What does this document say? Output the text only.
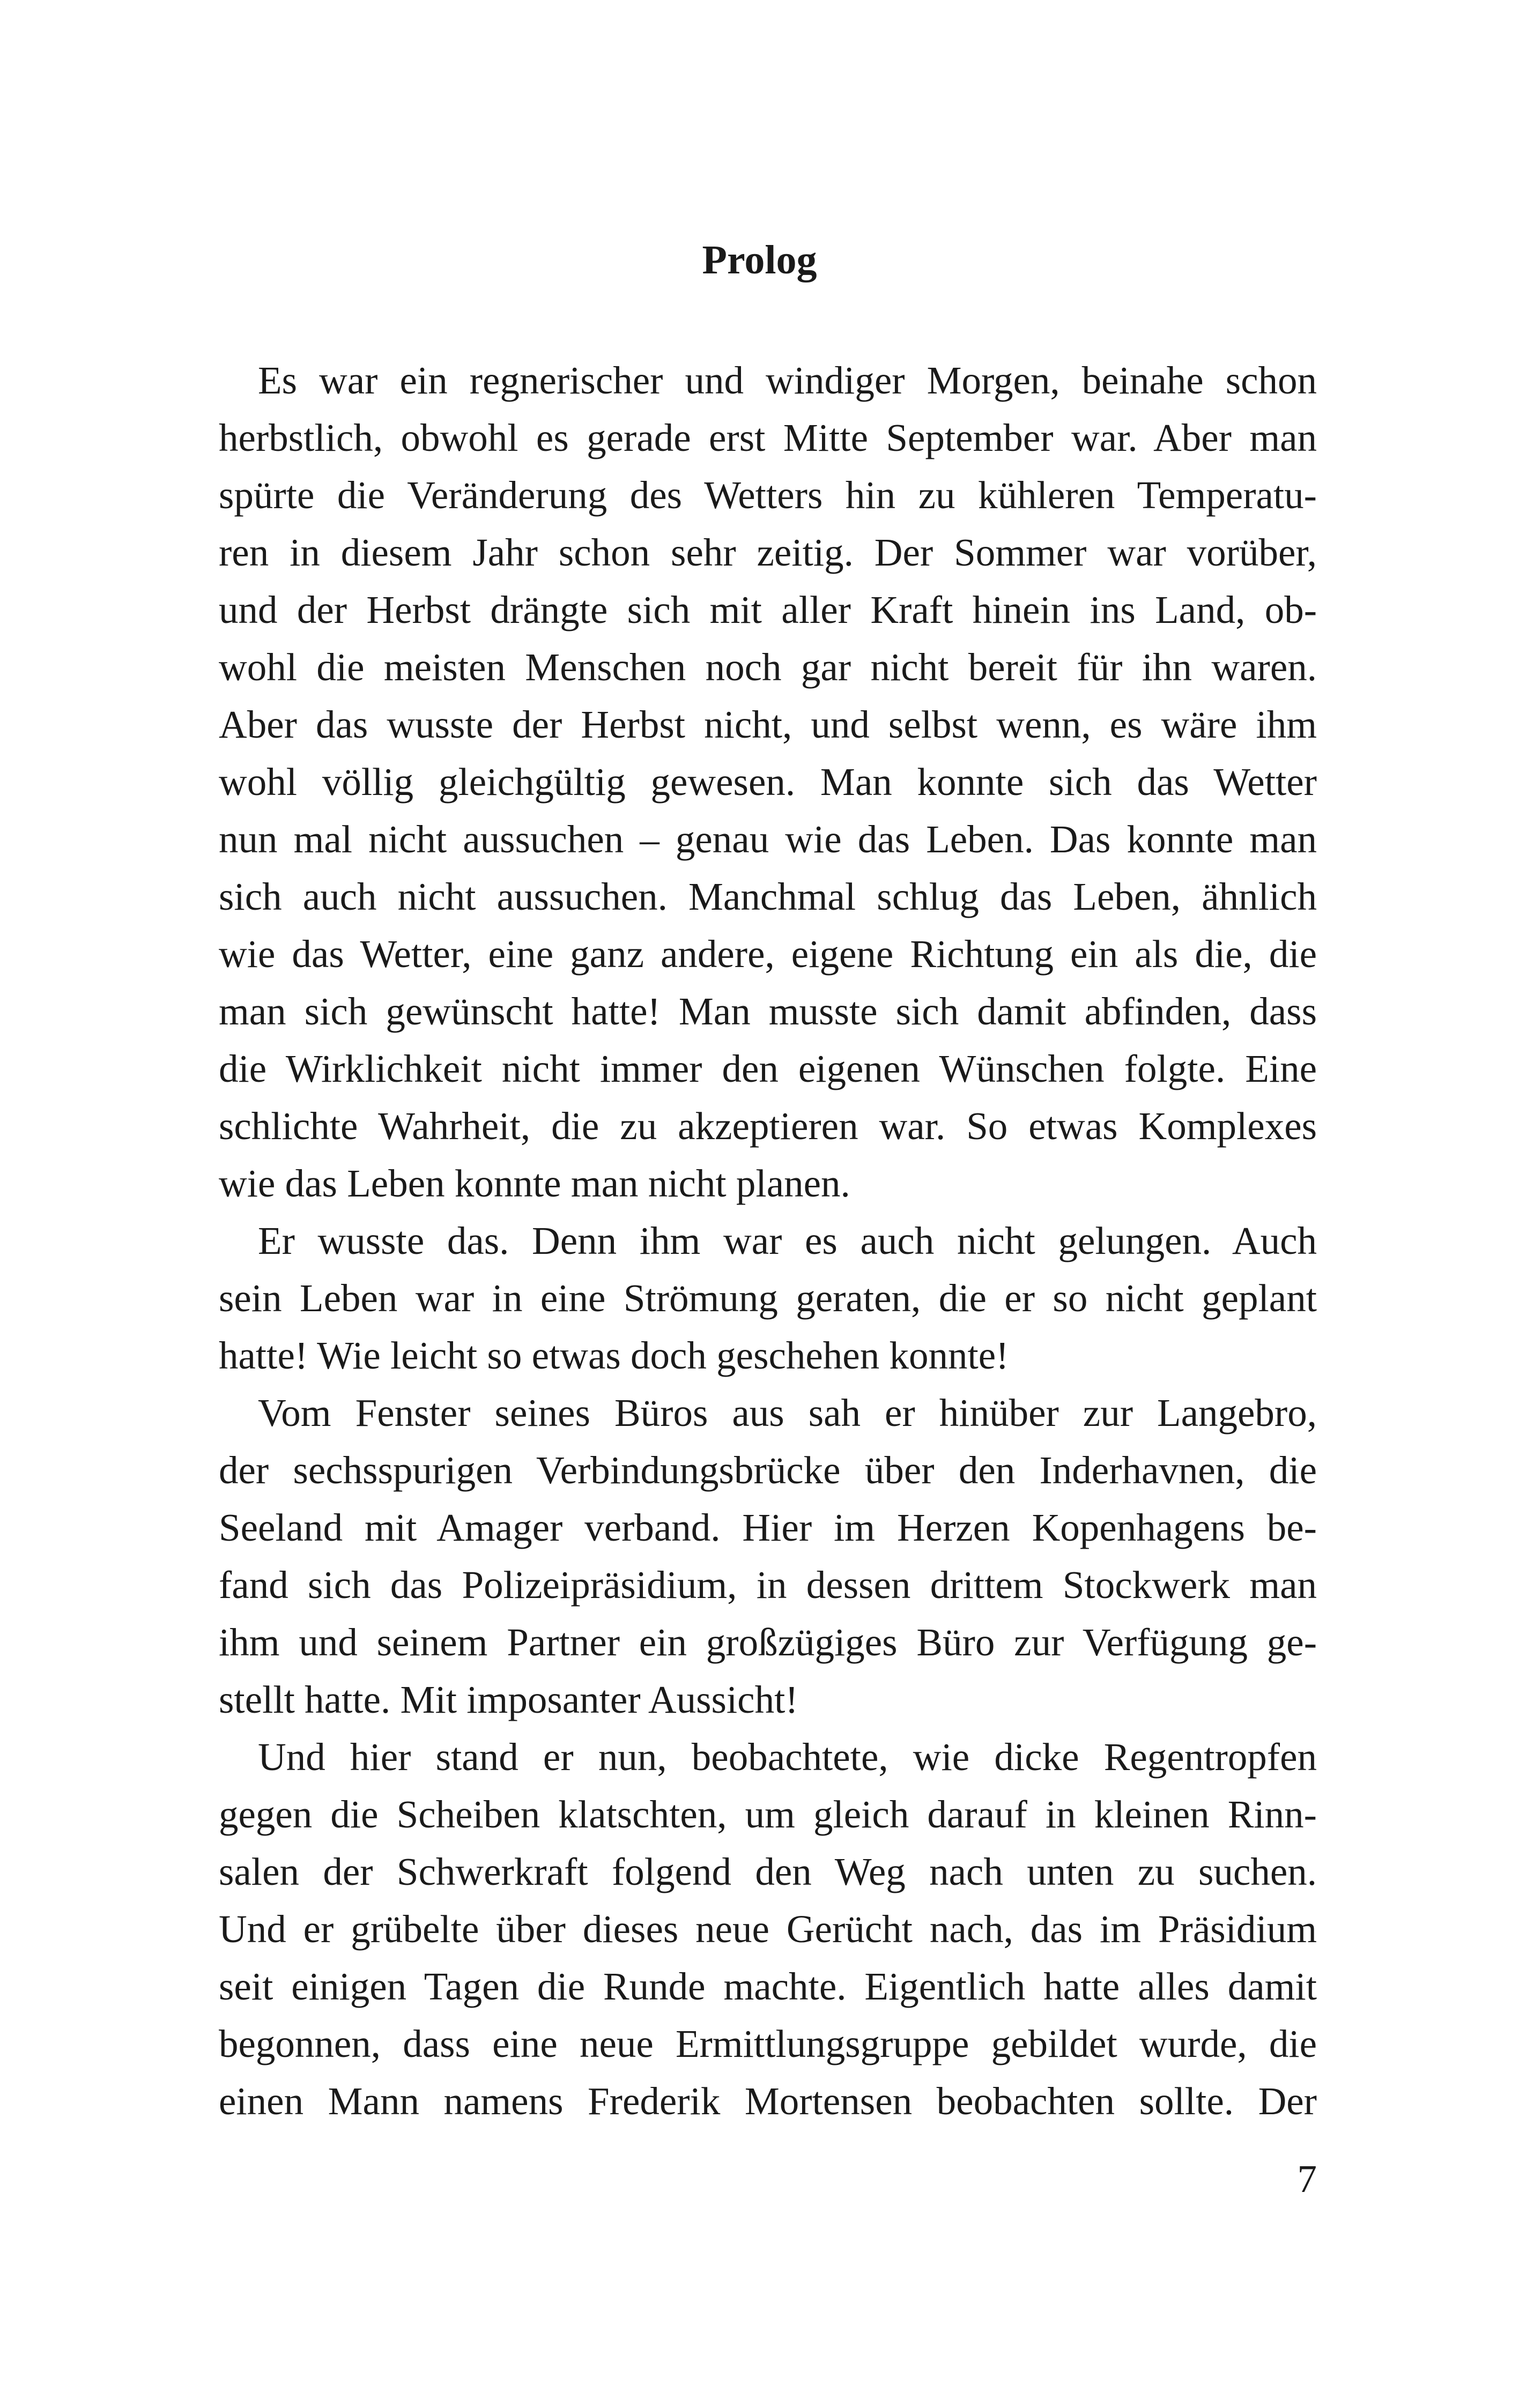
Prolog
Es war ein regnerischer und windiger Morgen, beinahe schon
herbstlich, obwohl es gerade erst Mitte September war. Aber man
spürte die Veränderung des Wetters hin zu kühleren Temperatu-
ren in diesem Jahr schon sehr zeitig. Der Sommer war vorüber,
und der Herbst drängte sich mit aller Kraft hinein ins Land, ob-
wohl die meisten Menschen noch gar nicht bereit für ihn waren.
Aber das wusste der Herbst nicht, und selbst wenn, es wäre ihm
wohl völlig gleichgültig gewesen. Man konnte sich das Wetter
nun mal nicht aussuchen – genau wie das Leben. Das konnte man
sich auch nicht aussuchen. Manchmal schlug das Leben, ähnlich
wie das Wetter, eine ganz andere, eigene Richtung ein als die, die
man sich gewünscht hatte! Man musste sich damit abfinden, dass
die Wirklichkeit nicht immer den eigenen Wünschen folgte. Eine
schlichte Wahrheit, die zu akzeptieren war. So etwas Komplexes
wie das Leben konnte man nicht planen.
Er wusste das. Denn ihm war es auch nicht gelungen. Auch
sein Leben war in eine Strömung geraten, die er so nicht geplant
hatte! Wie leicht so etwas doch geschehen konnte!
Vom Fenster seines Büros aus sah er hinüber zur Langebro,
der sechsspurigen Verbindungsbrücke über den Inderhavnen, die
Seeland mit Amager verband. Hier im Herzen Kopenhagens be-
fand sich das Polizeipräsidium, in dessen drittem Stockwerk man
ihm und seinem Partner ein großzügiges Büro zur Verfügung ge-
stellt hatte. Mit imposanter Aussicht!
Und hier stand er nun, beobachtete, wie dicke Regentropfen
gegen die Scheiben klatschten, um gleich darauf in kleinen Rinn-
salen der Schwerkraft folgend den Weg nach unten zu suchen.
Und er grübelte über dieses neue Gerücht nach, das im Präsidium
seit einigen Tagen die Runde machte. Eigentlich hatte alles damit
begonnen, dass eine neue Ermittlungsgruppe gebildet wurde, die
einen Mann namens Frederik Mortensen beobachten sollte. Der
7
